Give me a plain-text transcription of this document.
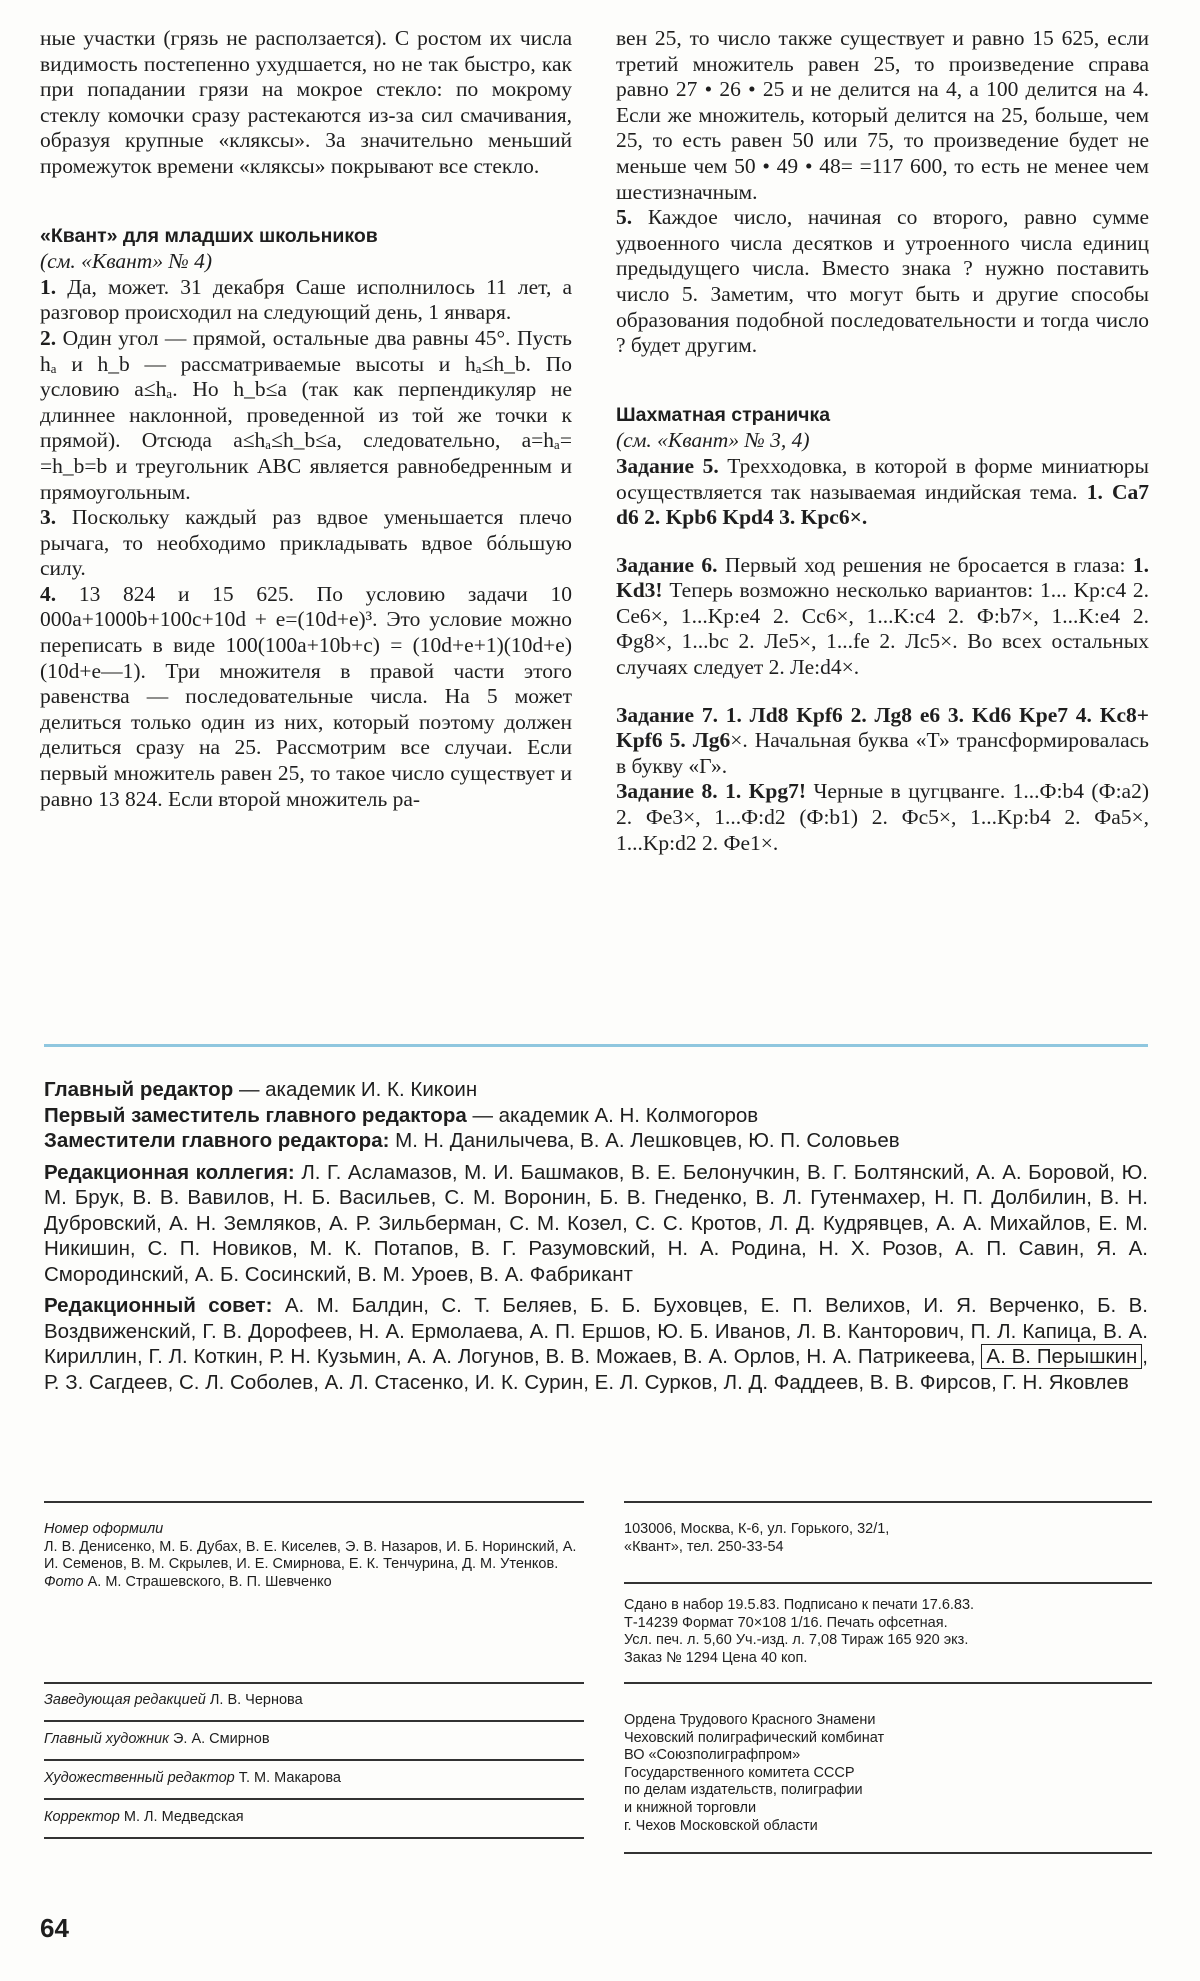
ные участки (грязь не расползается). С ростом их числа видимость постепенно ухудшается, но не так быстро, как при попадании грязи на мокрое стекло: по мокрому стеклу комочки сразу растекаются из-за сил смачивания, образуя крупные «кляксы». За значительно меньший промежуток времени «кляксы» покрывают все стекло.

«Квант» для младших школьников

(см. «Квант» № 4)

1. Да, может. 31 декабря Саше исполнилось 11 лет, а разговор происходил на следующий день, 1 января.

2. Один угол — прямой, остальные два равны 45°. Пусть hₐ и h_b — рассматриваемые высоты и hₐ≤h_b. По условию a≤hₐ. Но h_b≤a (так как перпендикуляр не длиннее наклонной, проведенной из той же точки к прямой). Отсюда a≤hₐ≤h_b≤a, следовательно, a=hₐ= =h_b=b и треугольник ABC является равнобедренным и прямоугольным.

3. Поскольку каждый раз вдвое уменьшается плечо рычага, то необходимо прикладывать вдвое бóльшую силу.

4. 13 824 и 15 625. По условию задачи 10 000a+1000b+100c+10d + e=(10d+e)³. Это условие можно переписать в виде 100(100a+10b+c) = (10d+e+1)(10d+e)(10d+e—1). Три множителя в правой части этого равенства — последовательные числа. На 5 может делиться только один из них, который поэтому должен делиться сразу на 25. Рассмотрим все случаи. Если первый множитель равен 25, то такое число существует и равно 13 824. Если второй множитель ра-

вен 25, то число также существует и равно 15 625, если третий множитель равен 25, то произведение справа равно 27 • 26 • 25 и не делится на 4, а 100 делится на 4. Если же множитель, который делится на 25, больше, чем 25, то есть равен 50 или 75, то произведение будет не меньше чем 50 • 49 • 48= =117 600, то есть не менее чем шестизначным.

5. Каждое число, начиная со второго, равно сумме удвоенного числа десятков и утроенного числа единиц предыдущего числа. Вместо знака ? нужно поставить число 5. Заметим, что могут быть и другие способы образования подобной последовательности и тогда число ? будет другим.

Шахматная страничка

(см. «Квант» № 3, 4)

Задание 5. Трехходовка, в которой в форме миниатюры осуществляется так называемая индийская тема. 1. Ca7 d6 2. Kpb6 Kpd4 3. Kpc6×.

Задание 6. Первый ход решения не бросается в глаза: 1. Kd3! Теперь возможно несколько вариантов: 1... Kp:c4 2. Ce6×, 1...Kp:e4 2. Cc6×, 1...K:c4 2. Ф:b7×, 1...K:e4 2. Фg8×, 1...bc 2. Ле5×, 1...fe 2. Лс5×. Во всех остальных случаях следует 2. Ле:d4×.

Задание 7. 1. Лd8 Kpf6 2. Лg8 e6 3. Kd6 Kpe7 4. Kc8+ Kpf6 5. Лg6×. Начальная буква «Т» трансформировалась в букву «Г».

Задание 8. 1. Kpg7! Черные в цугцванге. 1...Ф:b4 (Ф:a2) 2. Фе3×, 1...Ф:d2 (Ф:b1) 2. Фс5×, 1...Kp:b4 2. Фа5×, 1...Kp:d2 2. Фе1×.

Главный редактор — академик И. К. Кикоин

Первый заместитель главного редактора — академик А. Н. Колмогоров

Заместители главного редактора: М. Н. Данилычева, В. А. Лешковцев, Ю. П. Соловьев

Редакционная коллегия: Л. Г. Асламазов, М. И. Башмаков, В. Е. Белонучкин, В. Г. Болтянский, А. А. Боровой, Ю. М. Брук, В. В. Вавилов, Н. Б. Васильев, С. М. Воронин, Б. В. Гнеденко, В. Л. Гутенмахер, Н. П. Долбилин, В. Н. Дубровский, А. Н. Земляков, А. Р. Зильберман, С. М. Козел, С. С. Кротов, Л. Д. Кудрявцев, А. А. Михайлов, Е. М. Никишин, С. П. Новиков, М. К. Потапов, В. Г. Разумовский, Н. А. Родина, Н. Х. Розов, А. П. Савин, Я. А. Смородинский, А. Б. Сосинский, В. М. Уроев, В. А. Фабрикант

Редакционный совет: А. М. Балдин, С. Т. Беляев, Б. Б. Буховцев, Е. П. Велихов, И. Я. Верченко, Б. В. Воздвиженский, Г. В. Дорофеев, Н. А. Ермолаева, А. П. Ершов, Ю. Б. Иванов, Л. В. Канторович, П. Л. Капица, В. А. Кириллин, Г. Л. Коткин, Р. Н. Кузьмин, А. А. Логунов, В. В. Можаев, В. А. Орлов, Н. А. Патрикеева, А. В. Перышкин , Р. З. Сагдеев, С. Л. Соболев, А. Л. Стасенко, И. К. Сурин, Е. Л. Сурков, Л. Д. Фаддеев, В. В. Фирсов, Г. Н. Яковлев

Номер оформили

Л. В. Денисенко, М. Б. Дубах, В. Е. Киселев, Э. В. Назаров, И. Б. Норинский, А. И. Семенов, В. М. Скрылев, И. Е. Смирнова, Е. К. Тенчурина, Д. М. Утенков.

Фото А. М. Страшевского, В. П. Шевченко

Заведующая редакцией Л. В. Чернова
Главный художник Э. А. Смирнов
Художественный редактор Т. М. Макарова
Корректор М. Л. Медведская

103006, Москва, К-6, ул. Горького, 32/1,

«Квант», тел. 250-33-54

Сдано в набор 19.5.83. Подписано к печати 17.6.83.

Т-14239 Формат 70×108 1/16. Печать офсетная.

Усл. печ. л. 5,60 Уч.-изд. л. 7,08 Тираж 165 920 экз.

Заказ № 1294 Цена 40 коп.

Ордена Трудового Красного Знамени

Чеховский полиграфический комбинат

ВО «Союзполиграфпром»

Государственного комитета СССР

по делам издательств, полиграфии

и книжной торговли

г. Чехов Московской области

64
